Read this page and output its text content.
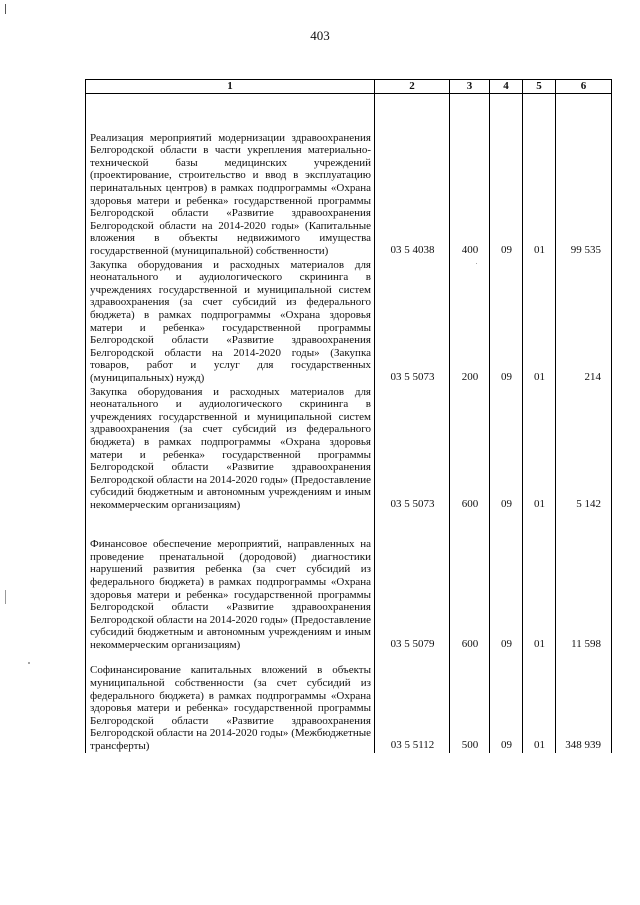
403
1	2	3	4	5	6
Реализация мероприятий модернизации здравоохранения Белгородской области в части укрепления материально-технической базы медицинских учреждений (проектирование, строительство и ввод в эксплуатацию перинатальных центров) в рамках подпрограммы «Охрана здоровья матери и ребенка» государственной программы Белгородской области «Развитие здравоохранения Белгородской области на 2014-2020 годы» (Капитальные вложения в объекты недвижимого имущества государственной (муниципальной) собственности)	03 5 4038	400	09	01	99 535
Закупка оборудования и расходных материалов для неонатального и аудиологического скрининга в учреждениях государственной и муниципальной систем здравоохранения (за счет субсидий из федерального бюджета) в рамках подпрограммы «Охрана здоровья матери и ребенка» государственной программы Белгородской области «Развитие здравоохранения Белгородской области на 2014-2020 годы» (Закупка товаров, работ и услуг для государственных (муниципальных) нужд)	03 5 5073	200	09	01	214
Закупка оборудования и расходных материалов для неонатального и аудиологического скрининга в учреждениях государственной и муниципальной систем здравоохранения (за счет субсидий из федерального бюджета) в рамках подпрограммы «Охрана здоровья матери и ребенка» государственной программы Белгородской области «Развитие здравоохранения Белгородской области на 2014-2020 годы» (Предоставление субсидий бюджетным и автономным учреждениям и иным некоммерческим организациям)	03 5 5073	600	09	01	5 142
Финансовое обеспечение мероприятий, направленных на проведение пренатальной (дородовой) диагностики нарушений развития ребенка (за счет субсидий из федерального бюджета) в рамках подпрограммы «Охрана здоровья матери и ребенка» государственной программы Белгородской области «Развитие здравоохранения Белгородской области на 2014-2020 годы» (Предоставление субсидий бюджетным и автономным учреждениям и иным некоммерческим организациям)	03 5 5079	600	09	01	11 598
Софинансирование капитальных вложений в объекты муниципальной собственности (за счет субсидий из федерального бюджета) в рамках подпрограммы «Охрана здоровья матери и ребенка» государственной программы Белгородской области «Развитие здравоохранения Белгородской области на 2014-2020 годы» (Межбюджетные трансферты)	03 5 5112	500	09	01	348 939
